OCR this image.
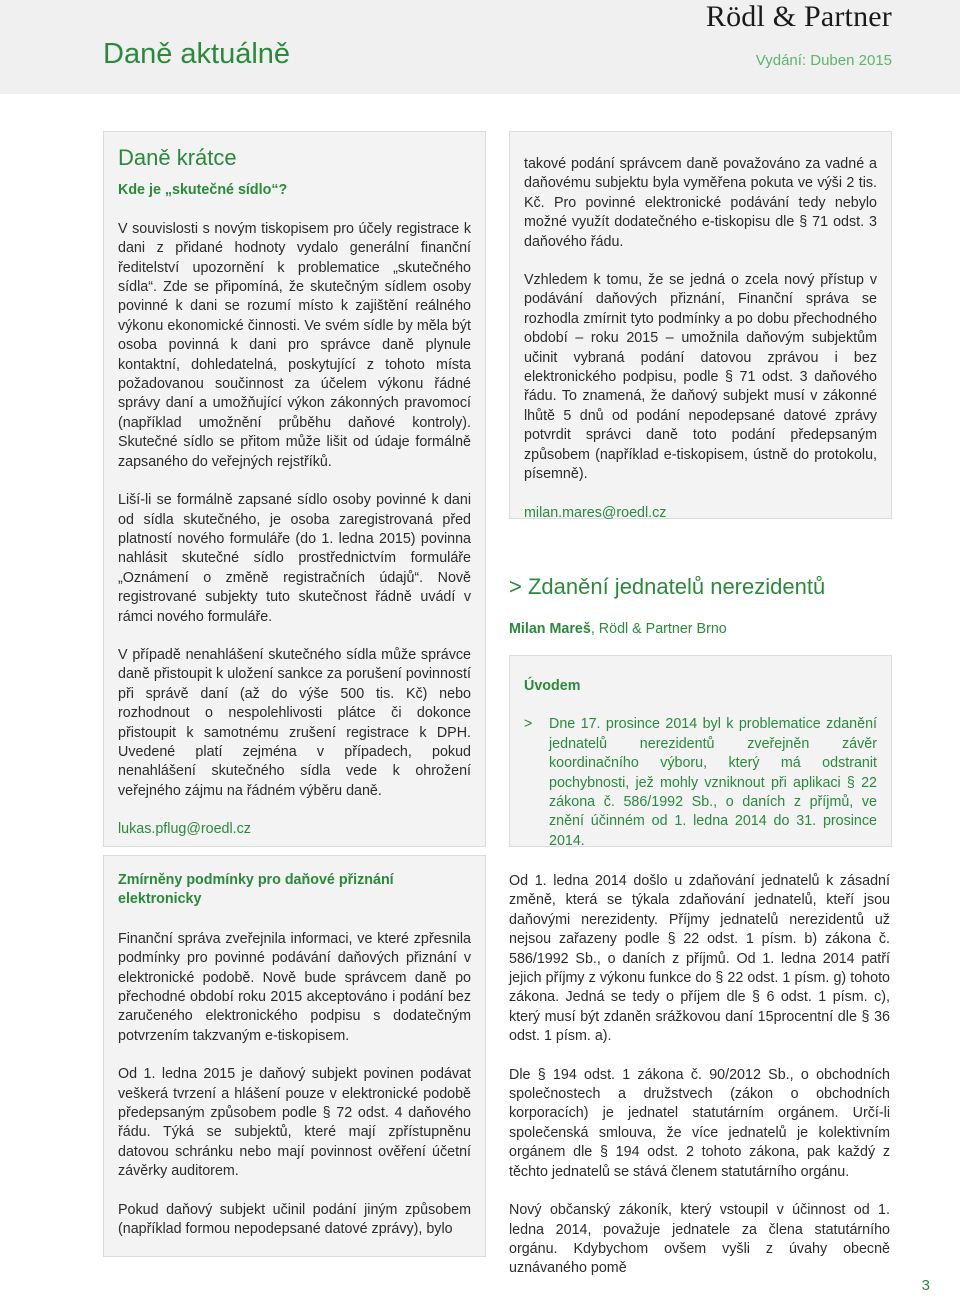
Rödl & Partner
Daně aktuálně	Vydání: Duben 2015
Daně krátce
Kde je „skutečné sídlo“?

V souvislosti s novým tiskopisem pro účely registrace k dani z přidané hodnoty vydalo generální finanční ředitelství upozornění k problematice „skutečného sídla“. Zde se připomíná, že skutečným sídlem osoby povinné k dani se rozumí místo k zajištění reálného výkonu ekonomické činnosti. Ve svém sídle by měla být osoba povinná k dani pro správce daně plynule kontaktní, dohledatelná, poskytující z tohoto místa požadovanou součinnost za účelem výkonu řádné správy daní a umožňující výkon zákonných pravomocí (například umožnění průběhu daňové kontroly). Skutečné sídlo se přitom může lišit od údaje formálně zapsaného do veřejných rejstříků.

Liší-li se formálně zapsané sídlo osoby povinné k dani od sídla skutečného, je osoba zaregistrovaná před platností nového formuláře (do 1. ledna 2015) povinna nahlásit skutečné sídlo prostřednictvím formuláře „Oznámení o změně registračních údajů“. Nově registrované subjekty tuto skutečnost řádně uvádí v rámci nového formuláře.

V případě nenahlášení skutečného sídla může správce daně přistoupit k uložení sankce za porušení povinností při správě daní (až do výše 500 tis. Kč) nebo rozhodnout o nespolehlivosti plátce či dokonce přistoupit k samotnému zrušení registrace k DPH. Uvedené platí zejména v případech, pokud nenahlášení skutečného sídla vede k ohrožení veřejného zájmu na řádném výběru daně.

lukas.pflug@roedl.cz

takové podání správcem daně považováno za vadné a daňovému subjektu byla vyměřena pokuta ve výši 2 tis. Kč. Pro povinné elektronické podávání tedy nebylo možné využít dodatečného e-tiskopisu dle § 71 odst. 3 daňového řádu.

Vzhledem k tomu, že se jedná o zcela nový přístup v podávání daňových přiznání, Finanční správa se rozhodla zmírnit tyto podmínky a po dobu přechodného období – roku 2015 – umožnila daňovým subjektům učinit vybraná podání datovou zprávou i bez elektronického podpisu, podle § 71 odst. 3 daňového řádu. To znamená, že daňový subjekt musí v zákonné lhůtě 5 dnů od podání nepodepsané datové zprávy potvrdit správci daně toto podání předepsaným způsobem (například e-tiskopisem, ústně do protokolu, písemně).

milan.mares@roedl.cz

> Zdanění jednatelů nerezidentů
Milan Mareš, Rödl & Partner Brno
Úvodem
> Dne 17. prosince 2014 byl k problematice zdanění jednatelů nerezidentů zveřejněn závěr koordinačního výboru, který má odstranit pochybnosti, jež mohly vzniknout při aplikaci § 22 zákona č. 586/1992 Sb., o daních z příjmů, ve znění účinném od 1. ledna 2014 do 31. prosince 2014.
Zmírněny podmínky pro daňové přiznání elektronicky

Finanční správa zveřejnila informaci, ve které zpřesnila podmínky pro povinné podávání daňových přiznání v elektronické podobě. Nově bude správcem daně po přechodné období roku 2015 akceptováno i podání bez zaručeného elektronického podpisu s dodatečným potvrzením takzvaným e-tiskopisem.

Od 1. ledna 2015 je daňový subjekt povinen podávat veškerá tvrzení a hlášení pouze v elektronické podobě předepsaným způsobem podle § 72 odst. 4 daňového řádu. Týká se subjektů, které mají zpřístupněnu datovou schránku nebo mají povinnost ověření účetní závěrky auditorem.

Pokud daňový subjekt učinil podání jiným způsobem (například formou nepodepsané datové zprávy), bylo

Od 1. ledna 2014 došlo u zdaňování jednatelů k zásadní změně, která se týkala zdaňování jednatelů, kteří jsou daňovými nerezidenty. Příjmy jednatelů nerezidentů už nejsou zařazeny podle § 22 odst. 1 písm. b) zákona č. 586/1992 Sb., o daních z příjmů. Od 1. ledna 2014 patří jejich příjmy z výkonu funkce do § 22 odst. 1 písm. g) tohoto zákona. Jedná se tedy o příjem dle § 6 odst. 1 písm. c), který musí být zdaněn srážkovou daní 15procentní dle § 36 odst. 1 písm. a).

Dle § 194 odst. 1 zákona č. 90/2012 Sb., o obchodních společnostech a družstvech (zákon o obchodních korporacích) je jednatel statutárním orgánem. Určí-li společenská smlouva, že více jednatelů je kolektivním orgánem dle § 194 odst. 2 tohoto zákona, pak každý z těchto jednatelů se stává členem statutárního orgánu.

Nový občanský zákoník, který vstoupil v účinnost od 1. ledna 2014, považuje jednatele za člena statutárního orgánu. Kdybychom ovšem vyšli z úvahy obecně uznávaného pomě

3
